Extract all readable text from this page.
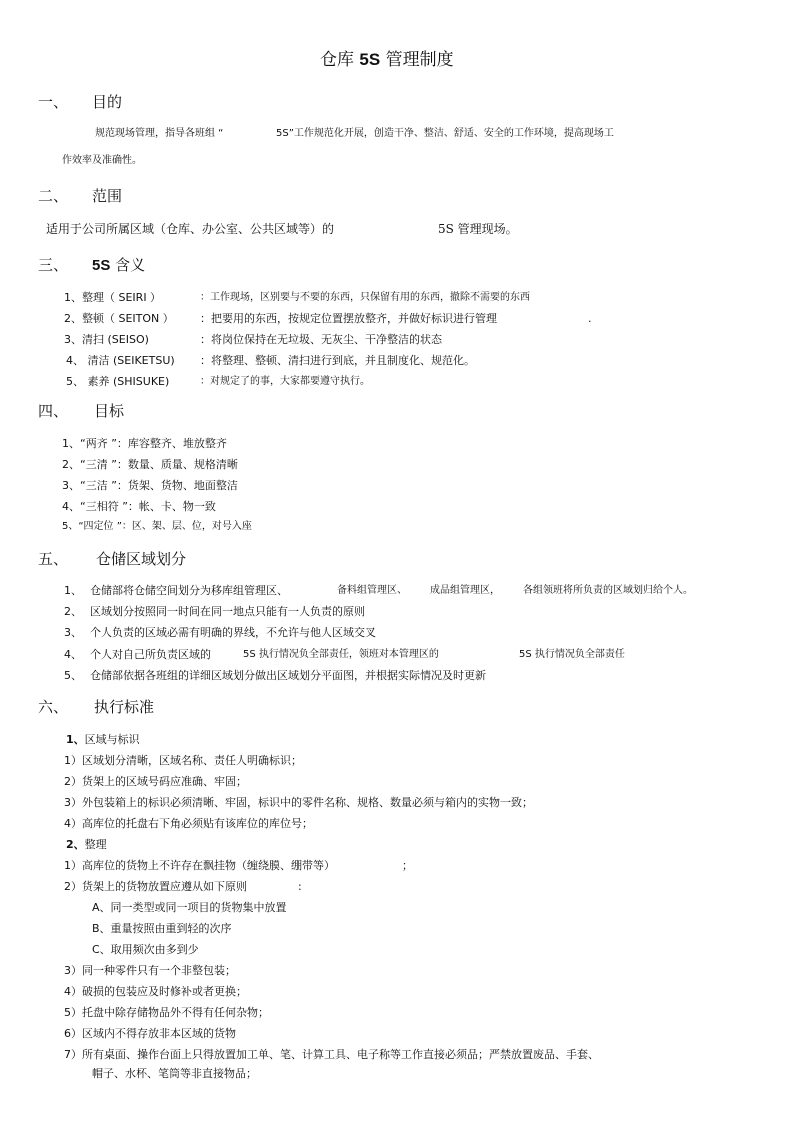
仓库 5S 管理制度
一、 目的
规范现场管理，指导各班组 “	5S”工作规范化开展，创造干净、整洁、舒适、安全的工作环境，提高现场工
作效率及准确性。
二、 范围
适用于公司所属区域（仓库、办公室、公共区域等）的	5S 管理现场。
三、 5S 含义
1、整理（ SEIRI ）	：工作现场，区别要与不要的东西，只保留有用的东西，撤除不需要的东西
2、整顿（ SEITON ） ：把要用的东西，按规定位置摆放整齐，并做好标识进行管理	.
3、清扫 (SEISO)	：将岗位保持在无垃圾、无灰尘、干净整洁的状态
4、 清洁 (SEIKETSU) ：将整理、整顿、清扫进行到底，并且制度化、规范化。
5、 素养 (SHISUKE)	：对规定了的事，大家都要遵守执行。
四、 目标
1、“两齐 ”：库容整齐、堆放整齐
2、“三清 ”：数量、质量、规格清晰
3、“三洁 ”：货架、货物、地面整洁
4、“三相符 ”：帐、卡、物一致
5、“四定位 ”：区、架、层、位，对号入座
五、 仓储区域划分
1、 仓储部将仓储空间划分为移库组管理区、	备料组管理区、 成品组管理区， 各组领班将所负责的区域划归给个人。
2、 区域划分按照同一时间在同一地点只能有一人负责的原则
3、 个人负责的区域必需有明确的界线，不允许与他人区域交叉
4、 个人对自己所负责区域的	5S 执行情况负全部责任，领班对本管理区的	5S 执行情况负全部责任
5、 仓储部依据各班组的详细区域划分做出区域划分平面图，并根据实际情况及时更新
六、 执行标准
1、区域与标识
1）区域划分清晰，区域名称、责任人明确标识；
2）货架上的区域号码应准确、牢固；
3）外包装箱上的标识必须清晰、牢固，标识中的零件名称、规格、数量必须与箱内的实物一致；
4）高库位的托盘右下角必须贴有该库位的库位号；
2、整理
1）高库位的货物上不许存在飘挂物（缠绕膜、绷带等）	；
2）货架上的货物放置应遵从如下原则	:
A、同一类型或同一项目的货物集中放置
B、重量按照由重到轻的次序
C、取用频次由多到少
3）同一种零件只有一个非整包装；
4）破损的包装应及时修补或者更换；
5）托盘中除存储物品外不得有任何杂物；
6）区域内不得存放非本区域的货物
7）所有桌面、操作台面上只得放置加工单、笔、计算工具、电子称等工作直接必须品；严禁放置废品、手套、
帽子、水杯、笔筒等非直接物品；
